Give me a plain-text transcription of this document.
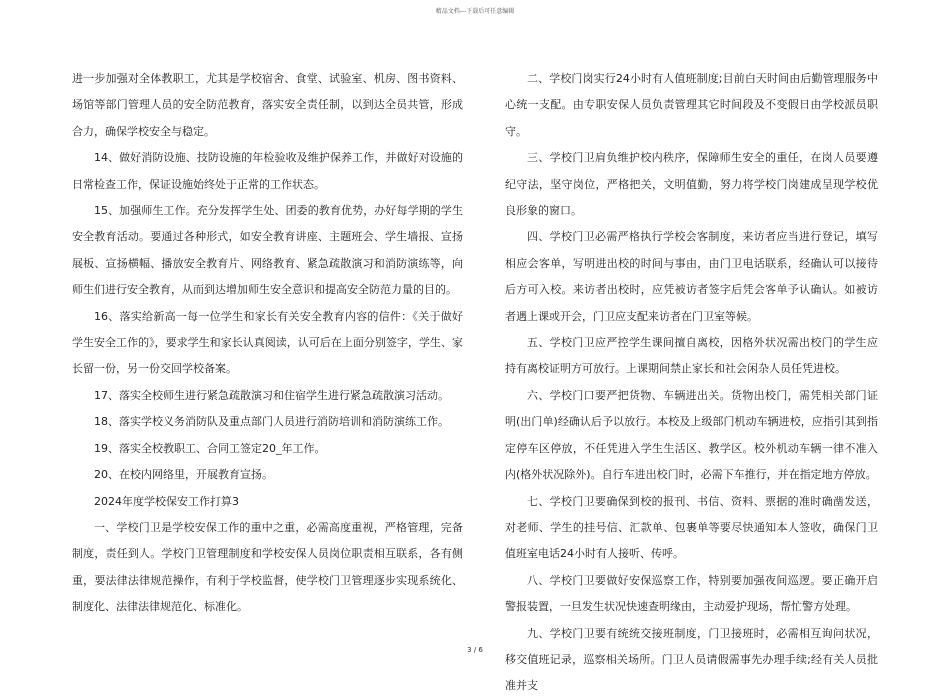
精品文档---下载后可任意编辑

进一步加强对全体教职工，尤其是学校宿舍、食堂、试验室、机房、图书资料、场馆等部门管理人员的安全防范教育，落实安全责任制，以到达全员共管，形成合力，确保学校安全与稳定。

14、做好消防设施、技防设施的年检验收及维护保养工作，并做好对设施的日常检查工作，保证设施始终处于正常的工作状态。

15、加强师生工作。充分发挥学生处、团委的教育优势，办好每学期的学生安全教育活动。要通过各种形式，如安全教育讲座、主题班会、学生墙报、宣扬展板、宣扬横幅、播放安全教育片、网络教育、紧急疏散演习和消防演练等，向师生们进行安全教育，从而到达增加师生安全意识和提高安全防范力量的目的。

16、落实给新高一每一位学生和家长有关安全教育内容的信件：《关于做好学生安全工作的》，要求学生和家长认真阅读，认可后在上面分别签字，学生、家长留一份，另一份交回学校备案。

17、落实全校师生进行紧急疏散演习和住宿学生进行紧急疏散演习活动。

18、落实学校义务消防队及重点部门人员进行消防培训和消防演练工作。

19、落实全校教职工、合同工签定20_年工作。

20、在校内网络里，开展教育宣扬。

2024年度学校保安工作打算3

一、学校门卫是学校安保工作的重中之重，必需高度重视，严格管理，完备制度，责任到人。学校门卫管理制度和学校安保人员岗位职责相互联系，各有侧重，要法律法律规范操作，有利于学校监督，使学校门卫管理逐步实现系统化、制度化、法律法律规范化、标准化。

二、学校门岗实行24小时有人值班制度;目前白天时间由后勤管理服务中心统一支配。由专职安保人员负责管理其它时间段及不变假日由学校派员职守。

三、学校门卫肩负维护校内秩序，保障师生安全的重任，在岗人员要遵纪守法，坚守岗位，严格把关，文明值勤，努力将学校门岗建成呈现学校优良形象的窗口。

四、学校门卫必需严格执行学校会客制度，来访者应当进行登记，填写相应会客单，写明进出校的时间与事由，由门卫电话联系，经确认可以接待后方可入校。来访者出校时，应凭被访者签字后凭会客单予认确认。如被访者遇上课或开会，门卫应支配来访者在门卫室等候。

五、学校门卫应严控学生课间擅自离校，因格外状况需出校门的学生应持有离校证明方可放行。上课期间禁止家长和社会闲杂人员任凭进校。

六、学校门口要严把货物、车辆进出关。货物出校门，需凭相关部门证明(出门单)经确认后予以放行。本校及上级部门机动车辆进校，应指引其到指定停车区停放，不任凭进入学生生活区、教学区。校外机动车辆一律不准入内(格外状况除外)。自行车进出校门时，必需下车推行，并在指定地方停放。

七、学校门卫要确保到校的报刊、书信、资料、票据的准时确凿发送，对老师、学生的挂号信、汇款单、包裹单等要尽快通知本人签收，确保门卫值班室电话24小时有人接听、传呼。

八、学校门卫要做好安保巡察工作，特别要加强夜间巡逻。要正确开启警报装置，一旦发生状况快速查明缘由，主动爱护现场，帮忙警方处理。

九、学校门卫要有统统交接班制度，门卫接班时，必需相互询问状况，移交值班记录，巡察相关场所。门卫人员请假需事先办理手续;经有关人员批准并支

3 / 6
